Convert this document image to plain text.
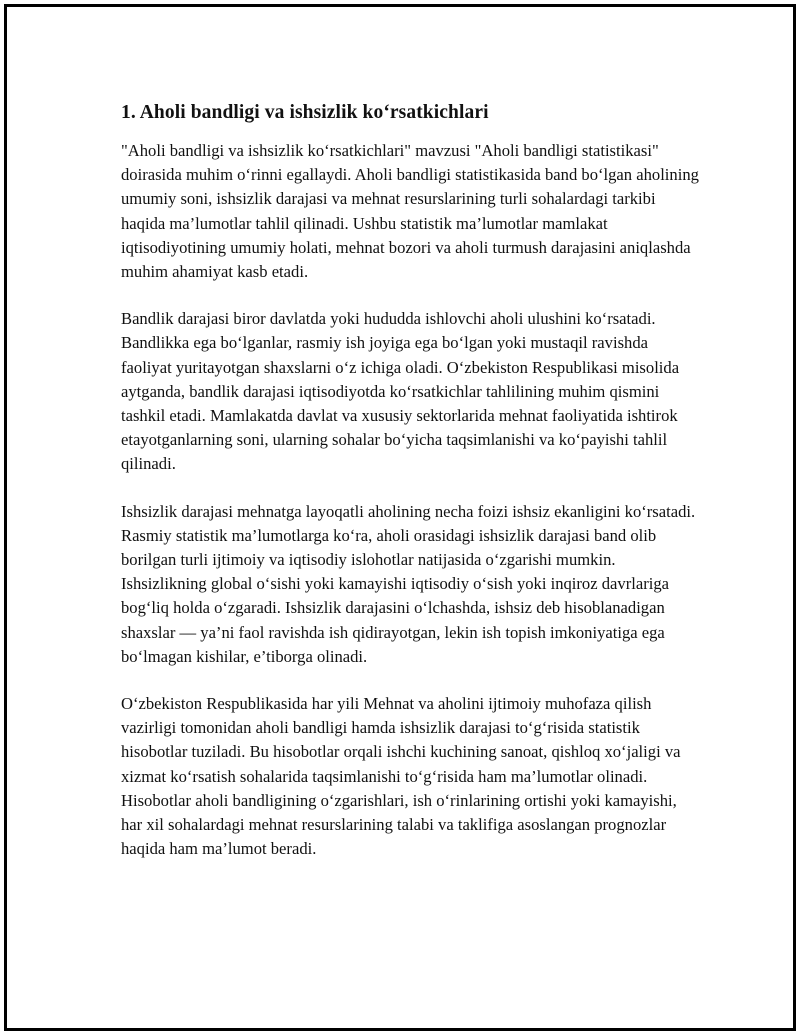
1. Aholi bandligi va ishsizlik ko‘rsatkichlari

"Aholi bandligi va ishsizlik ko‘rsatkichlari" mavzusi "Aholi bandligi statistikasi" doirasida muhim o‘rinni egallaydi. Aholi bandligi statistikasida band bo‘lgan aholining umumiy soni, ishsizlik darajasi va mehnat resurslarining turli sohalardagi tarkibi haqida ma’lumotlar tahlil qilinadi. Ushbu statistik ma’lumotlar mamlakat iqtisodiyotining umumiy holati, mehnat bozori va aholi turmush darajasini aniqlashda muhim ahamiyat kasb etadi.

Bandlik darajasi biror davlatda yoki hududda ishlovchi aholi ulushini ko‘rsatadi. Bandlikka ega bo‘lganlar, rasmiy ish joyiga ega bo‘lgan yoki mustaqil ravishda faoliyat yuritayotgan shaxslarni o‘z ichiga oladi. O‘zbekiston Respublikasi misolida aytganda, bandlik darajasi iqtisodiyotda ko‘rsatkichlar tahlilining muhim qismini tashkil etadi. Mamlakatda davlat va xususiy sektorlarida mehnat faoliyatida ishtirok etayotganlarning soni, ularning sohalar bo‘yicha taqsimlanishi va ko‘payishi tahlil qilinadi.

Ishsizlik darajasi mehnatga layoqatli aholining necha foizi ishsiz ekanligini ko‘rsatadi. Rasmiy statistik ma’lumotlarga ko‘ra, aholi orasidagi ishsizlik darajasi band olib borilgan turli ijtimoiy va iqtisodiy islohotlar natijasida o‘zgarishi mumkin. Ishsizlikning global o‘sishi yoki kamayishi iqtisodiy o‘sish yoki inqiroz davrlariga bog‘liq holda o‘zgaradi. Ishsizlik darajasini o‘lchashda, ishsiz deb hisoblanadigan shaxslar — ya’ni faol ravishda ish qidirayotgan, lekin ish topish imkoniyatiga ega bo‘lmagan kishilar, e’tiborga olinadi.

O‘zbekiston Respublikasida har yili Mehnat va aholini ijtimoiy muhofaza qilish vazirligi tomonidan aholi bandligi hamda ishsizlik darajasi to‘g‘risida statistik hisobotlar tuziladi. Bu hisobotlar orqali ishchi kuchining sanoat, qishloq xo‘jaligi va xizmat ko‘rsatish sohalarida taqsimlanishi to‘g‘risida ham ma’lumotlar olinadi. Hisobotlar aholi bandligining o‘zgarishlari, ish o‘rinlarining ortishi yoki kamayishi, har xil sohalardagi mehnat resurslarining talabi va taklifiga asoslangan prognozlar haqida ham ma’lumot beradi.
